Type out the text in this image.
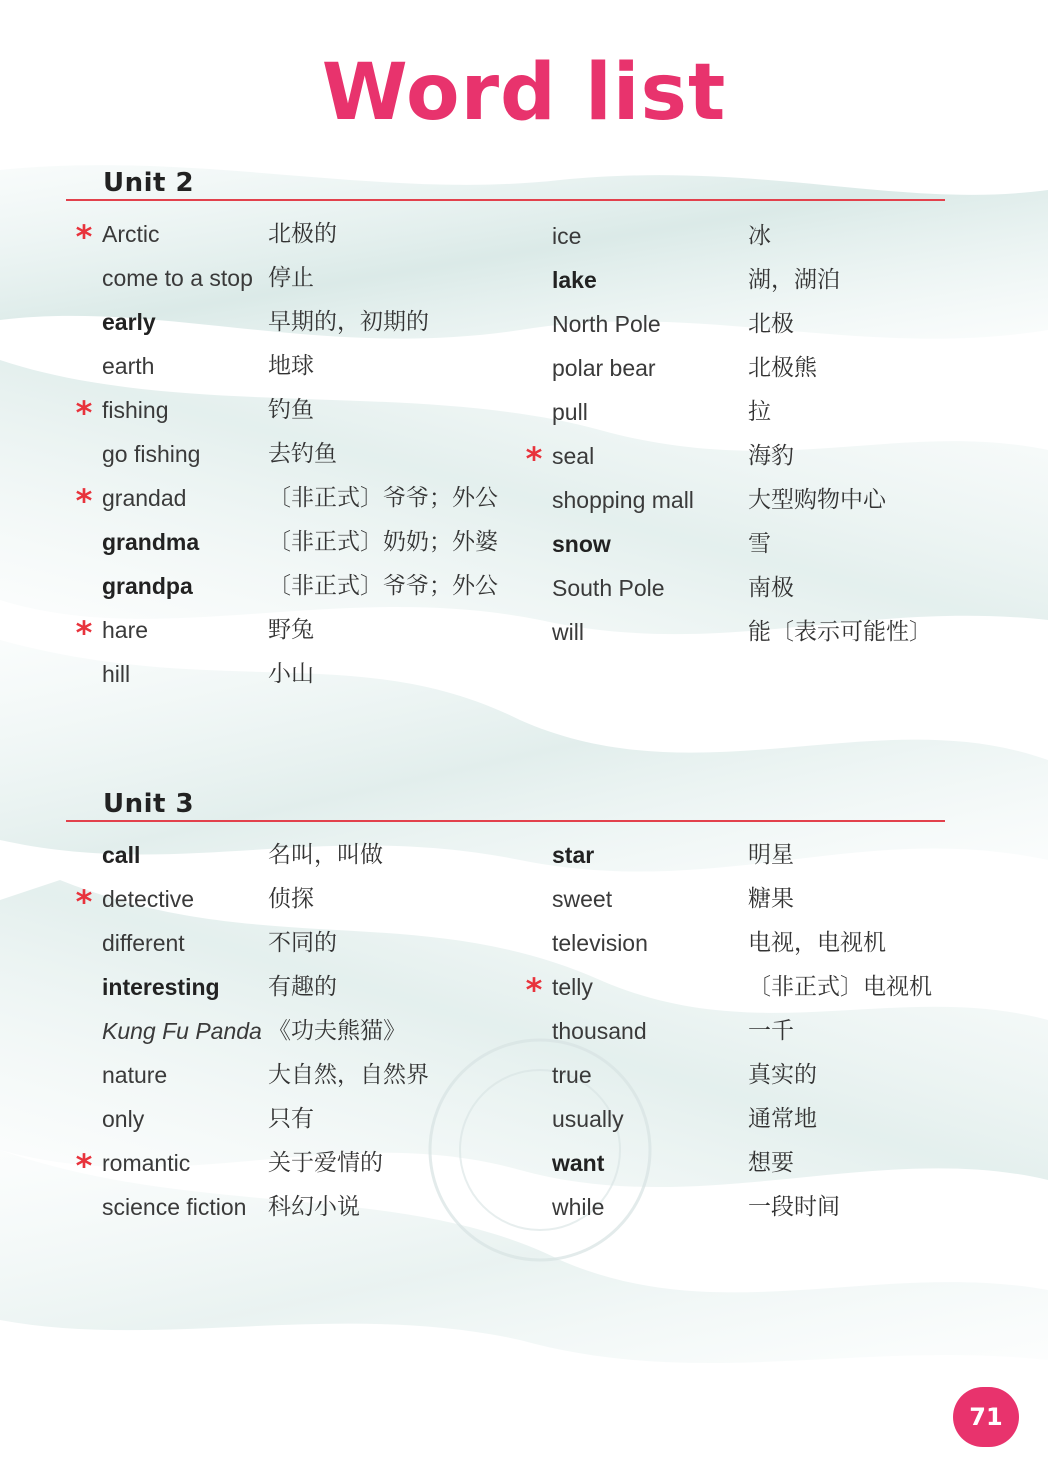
Word list
Unit 2
Unit 3
* Arctic	北极的
come to a stop 停止
early	早期的，初期的
earth	地球
* fishing	钓鱼
go fishing	去钓鱼
* grandad	〔非正式〕爷爷；外公
grandma	〔非正式〕奶奶；外婆
grandpa	〔非正式〕爷爷；外公
* hare	野兔
hill	小山
ice	冰
lake	湖，湖泊
North Pole	北极
polar bear	北极熊
pull	拉
* seal	海豹
shopping mall 大型购物中心
snow	雪
South Pole	南极
will	能〔表示可能性〕
call	名叫，叫做
* detective	侦探
different	不同的
interesting 有趣的
Kung Fu Panda 《功夫熊猫》
nature	大自然，自然界
only	只有
* romantic	关于爱情的
science fiction 科幻小说
star	明星
sweet	糖果
television	电视，电视机
* telly	〔非正式〕电视机
thousand	一千
true	真实的
usually	通常地
want	想要
while	一段时间
71
